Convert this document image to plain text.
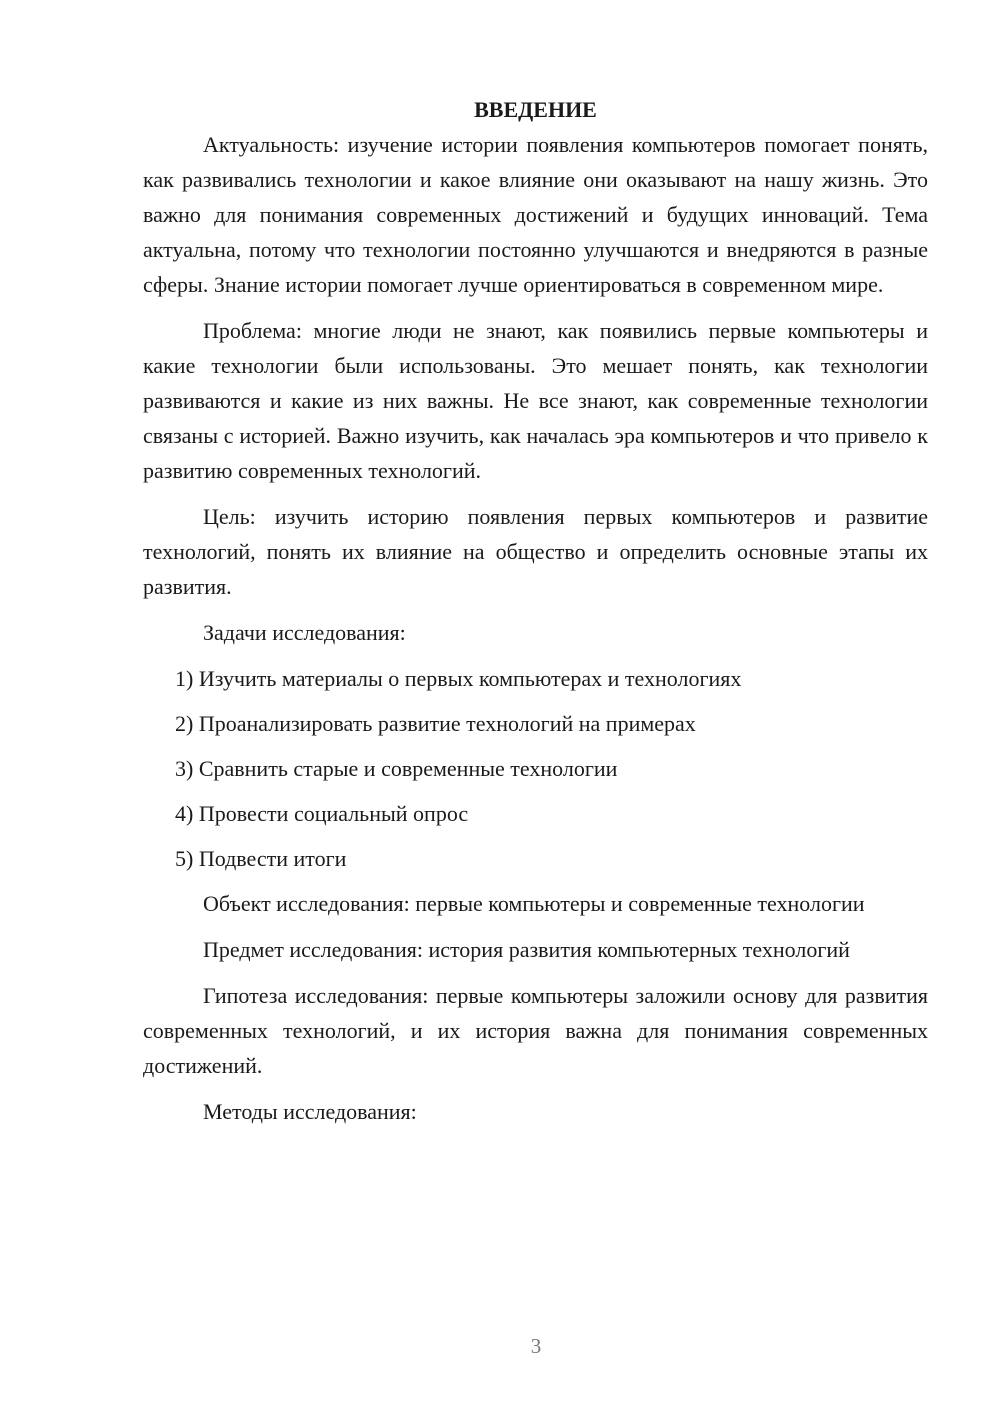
ВВЕДЕНИЕ

Актуальность: изучение истории появления компьютеров помогает понять, как развивались технологии и какое влияние они оказывают на нашу жизнь. Это важно для понимания современных достижений и будущих инноваций. Тема актуальна, потому что технологии постоянно улучшаются и внедряются в разные сферы. Знание истории помогает лучше ориентироваться в современном мире.

Проблема: многие люди не знают, как появились первые компьютеры и какие технологии были использованы. Это мешает понять, как технологии развиваются и какие из них важны. Не все знают, как современные технологии связаны с историей. Важно изучить, как началась эра компьютеров и что привело к развитию современных технологий.

Цель: изучить историю появления первых компьютеров и развитие технологий, понять их влияние на общество и определить основные этапы их развития.

Задачи исследования:

1) Изучить материалы о первых компьютерах и технологиях
2) Проанализировать развитие технологий на примерах
3) Сравнить старые и современные технологии
4) Провести социальный опрос
5) Подвести итоги

Объект исследования: первые компьютеры и современные технологии

Предмет исследования: история развития компьютерных технологий

Гипотеза исследования: первые компьютеры заложили основу для развития современных технологий, и их история важна для понимания современных достижений.

Методы исследования:

3
